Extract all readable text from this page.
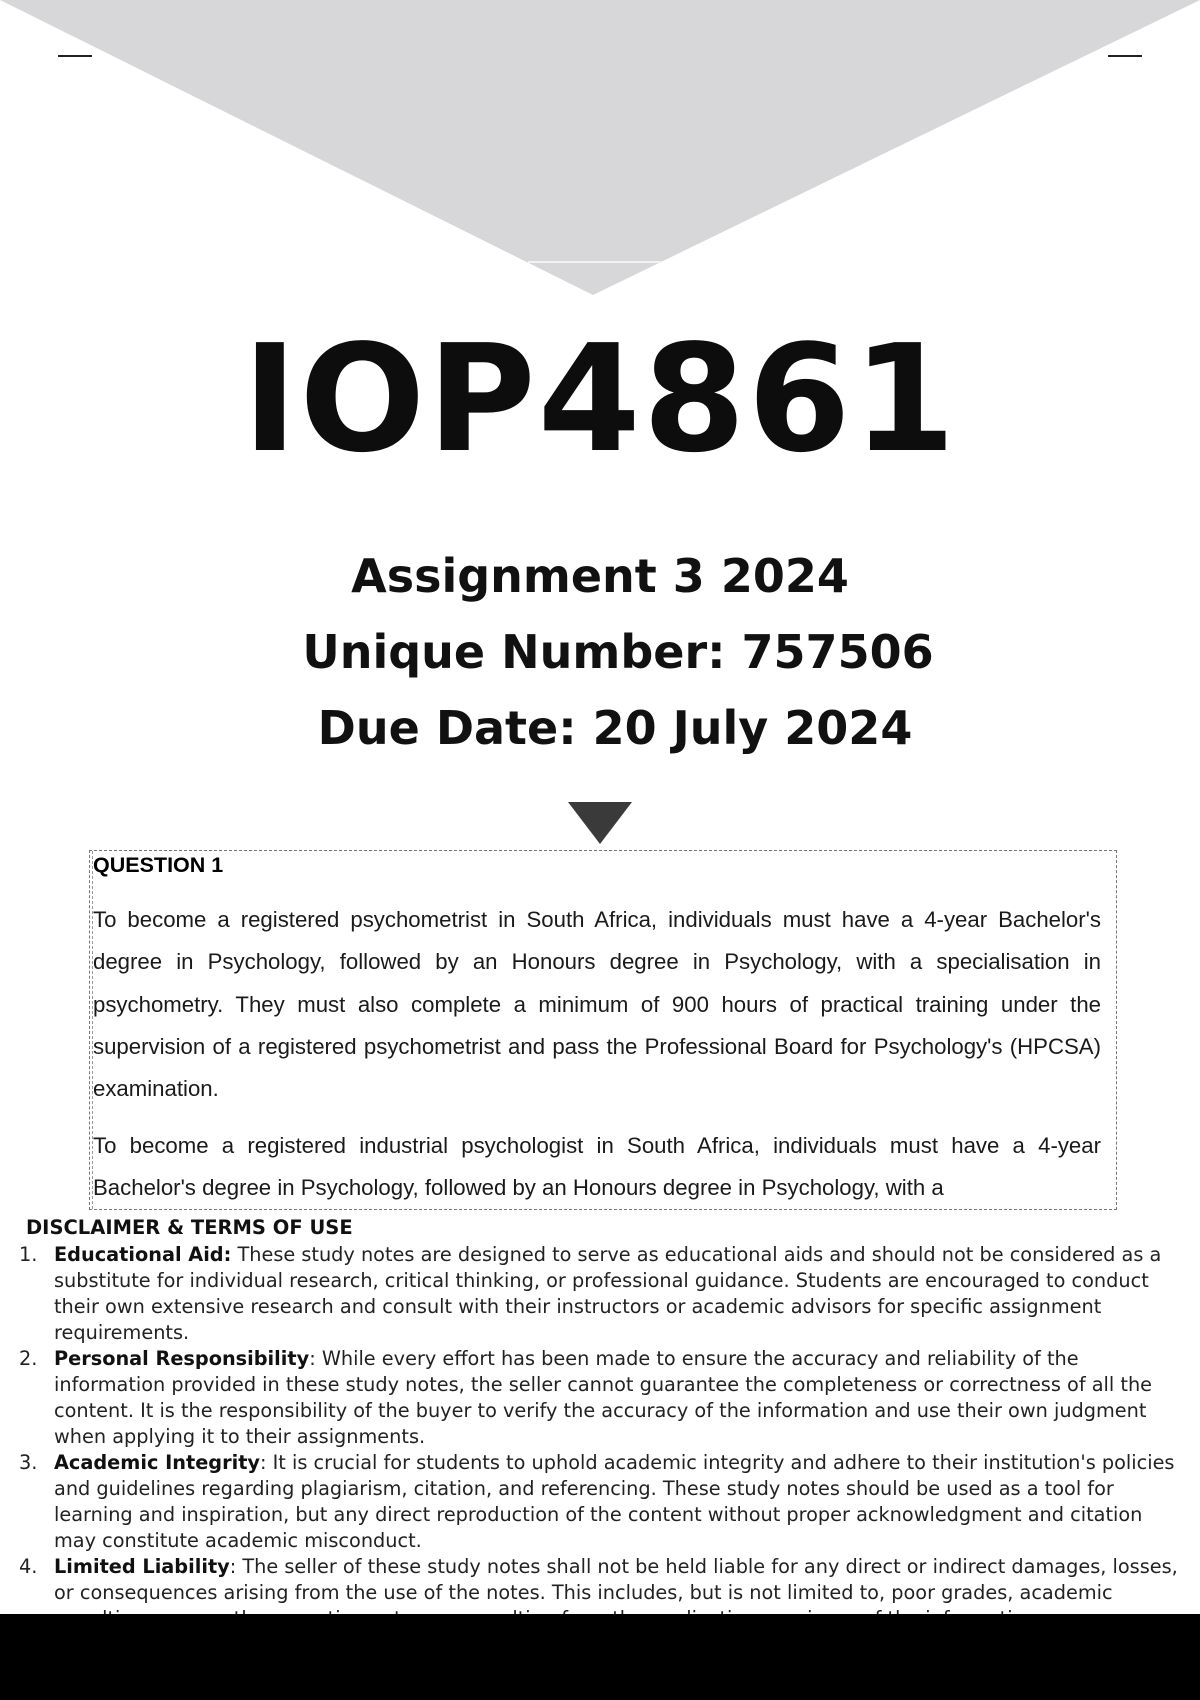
IOP4861
Assignment 3 2024
Unique Number: 757506
Due Date: 20 July 2024
QUESTION 1

To become a registered psychometrist in South Africa, individuals must have a 4-year Bachelor's degree in Psychology, followed by an Honours degree in Psychology, with a specialisation in psychometry. They must also complete a minimum of 900 hours of practical training under the supervision of a registered psychometrist and pass the Professional Board for Psychology's (HPCSA) examination.

To become a registered industrial psychologist in South Africa, individuals must have a 4-year Bachelor's degree in Psychology, followed by an Honours degree in Psychology, with a

DISCLAIMER & TERMS OF USE
1. Educational Aid: These study notes are designed to serve as educational aids and should not be considered as a substitute for individual research, critical thinking, or professional guidance. Students are encouraged to conduct their own extensive research and consult with their instructors or academic advisors for specific assignment requirements.
2. Personal Responsibility: While every effort has been made to ensure the accuracy and reliability of the information provided in these study notes, the seller cannot guarantee the completeness or correctness of all the content. It is the responsibility of the buyer to verify the accuracy of the information and use their own judgment when applying it to their assignments.
3. Academic Integrity: It is crucial for students to uphold academic integrity and adhere to their institution's policies and guidelines regarding plagiarism, citation, and referencing. These study notes should be used as a tool for learning and inspiration, but any direct reproduction of the content without proper acknowledgment and citation may constitute academic misconduct.
4. Limited Liability: The seller of these study notes shall not be held liable for any direct or indirect damages, losses, or consequences arising from the use of the notes. This includes, but is not limited to, poor grades, academic
